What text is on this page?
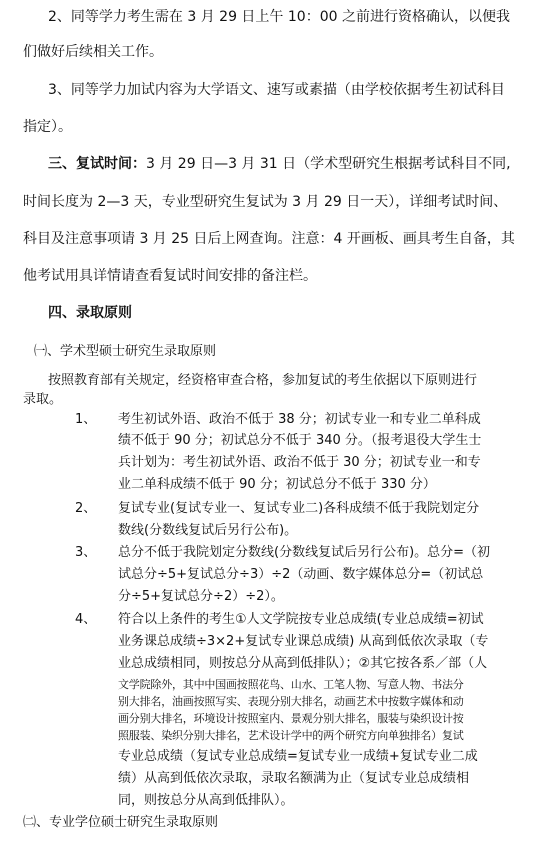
2、同等学力考生需在 3 月 29 日上午 10：00 之前进行资格确认，以便我
们做好后续相关工作。
3、同等学力加试内容为大学语文、速写或素描（由学校依据考生初试科目
指定）。
三、复试时间：3 月 29 日—3 月 31 日（学术型研究生根据考试科目不同,
时间长度为 2—3 天，专业型研究生复试为 3 月 29 日一天），详细考试时间、
科目及注意事项请 3 月 25 日后上网查询。注意：4 开画板、画具考生自备，其
他考试用具详情请查看复试时间安排的备注栏。
四、录取原则
㈠、学术型硕士研究生录取原则
按照教育部有关规定，经资格审查合格，参加复试的考生依据以下原则进行
录取。
1、 考生初试外语、政治不低于 38 分；初试专业一和专业二单科成
绩不低于 90 分；初试总分不低于 340 分。（报考退役大学生士
兵计划为：考生初试外语、政治不低于 30 分；初试专业一和专
业二单科成绩不低于 90 分；初试总分不低于 330 分）
2、 复试专业(复试专业一、复试专业二)各科成绩不低于我院划定分
数线(分数线复试后另行公布)。
3、 总分不低于我院划定分数线(分数线复试后另行公布)。总分=（初
试总分÷5+复试总分÷3）÷2（动画、数字媒体总分=（初试总
分÷5+复试总分÷2）÷2）。
4、 符合以上条件的考生①人文学院按专业总成绩(专业总成绩=初试
业务课总成绩÷3×2+复试专业课总成绩) 从高到低依次录取（专
业总成绩相同，则按总分从高到低排队）；②其它按各系／部（人
文学院除外，其中中国画按照花鸟、山水、工笔人物、写意人物、书法分
别大排名，油画按照写实、表现分别大排名，动画艺术中按数字媒体和动
画分别大排名，环境设计按照室内、景观分别大排名，服装与染织设计按
照服装、染织分别大排名，艺术设计学中的两个研究方向单独排名）复试
专业总成绩（复试专业总成绩=复试专业一成绩+复试专业二成
绩）从高到低依次录取，录取名额满为止（复试专业总成绩相
同，则按总分从高到低排队）。
㈡、专业学位硕士研究生录取原则
